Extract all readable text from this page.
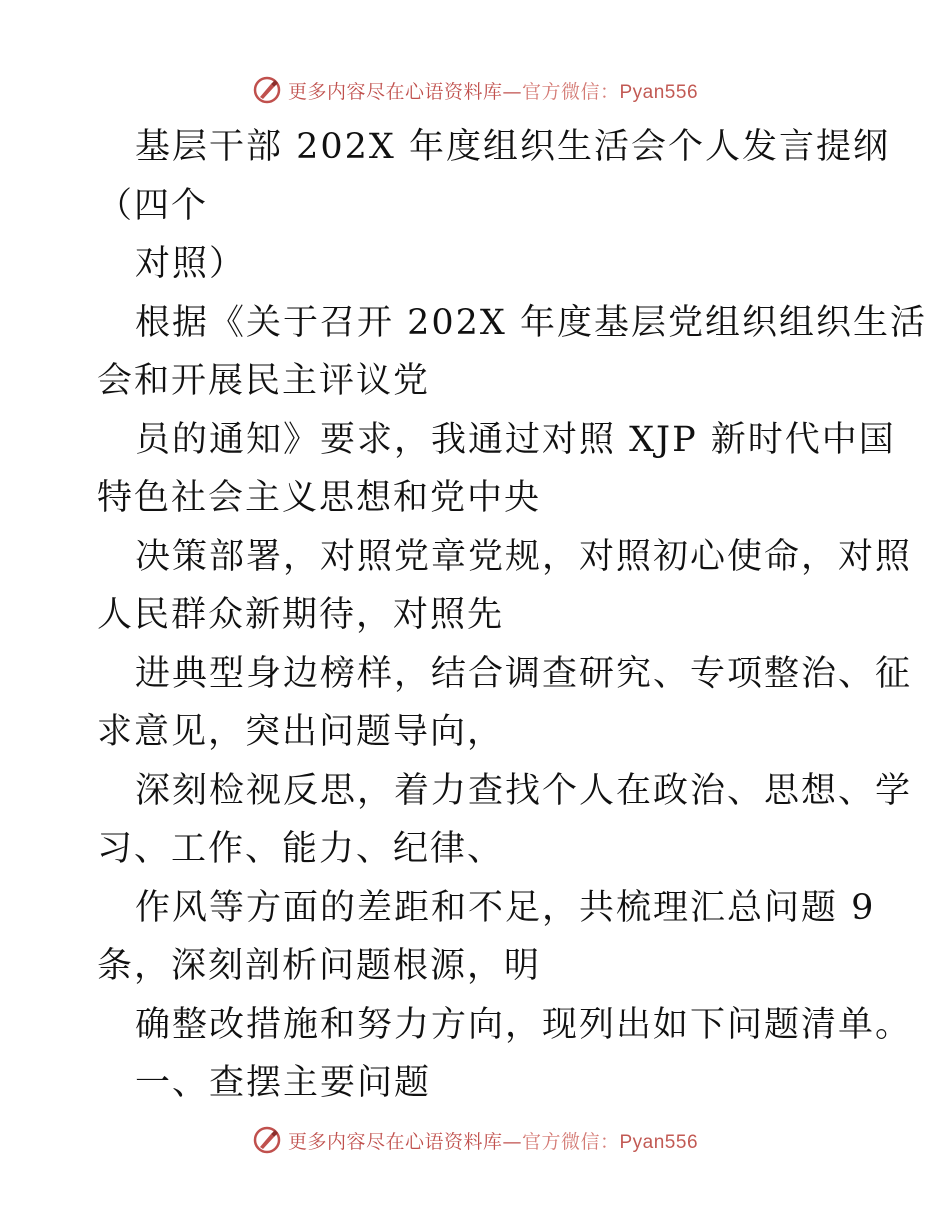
更多内容尽在心语资料库—官方微信：Pyan556
基层干部 202X 年度组织生活会个人发言提纲
（四个
对照）
根据《关于召开 202X 年度基层党组织组织生活
会和开展民主评议党
员的通知》要求，我通过对照 XJP 新时代中国
特色社会主义思想和党中央
决策部署，对照党章党规，对照初心使命，对照
人民群众新期待，对照先
进典型身边榜样，结合调查研究、专项整治、征
求意见，突出问题导向，
深刻检视反思，着力查找个人在政治、思想、学
习、工作、能力、纪律、
作风等方面的差距和不足，共梳理汇总问题 9
条，深刻剖析问题根源，明
确整改措施和努力方向，现列出如下问题清单。
一、查摆主要问题
更多内容尽在心语资料库—官方微信：Pyan556
